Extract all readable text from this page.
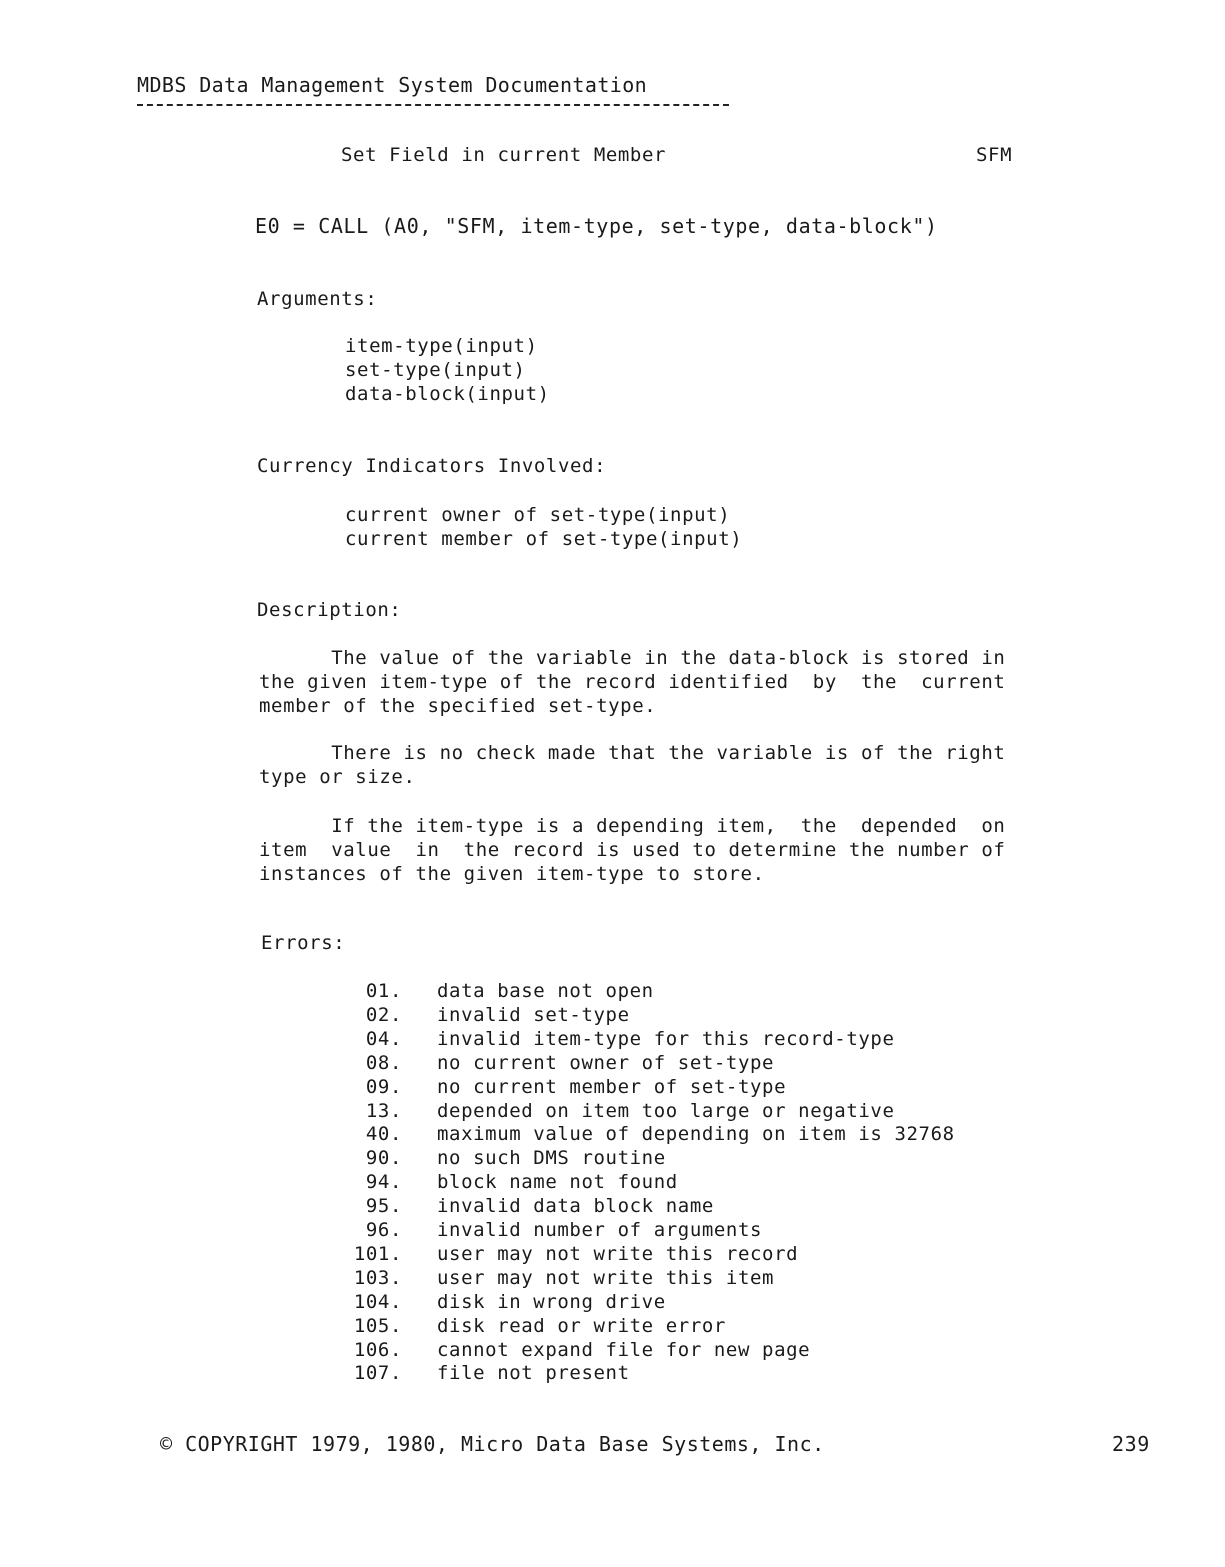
MDBS Data Management System Documentation
Set Field in current Member	SFM
E0 = CALL (A0, "SFM, item-type, set-type, data-block")
Arguments:
item-type(input)
set-type(input)
data-block(input)
Currency Indicators Involved:
current owner of set-type(input)
current member of set-type(input)
Description:
The value of the variable in the data-block is stored in
the given item-type of the record identified  by  the  current
member of the specified set-type.
There is no check made that the variable is of the right
type or size.
If the item-type is a depending item,  the  depended  on
item  value  in  the record is used to determine the number of
instances of the given item-type to store.
Errors:
01. data base not open
02. invalid set-type
04. invalid item-type for this record-type
08. no current owner of set-type
09. no current member of set-type
13. depended on item too large or negative
40. maximum value of depending on item is 32768
90. no such DMS routine
94. block name not found
95. invalid data block name
96. invalid number of arguments
101. user may not write this record
103. user may not write this item
104. disk in wrong drive
105. disk read or write error
106. cannot expand file for new page
107. file not present
© COPYRIGHT 1979, 1980, Micro Data Base Systems, Inc.	239
